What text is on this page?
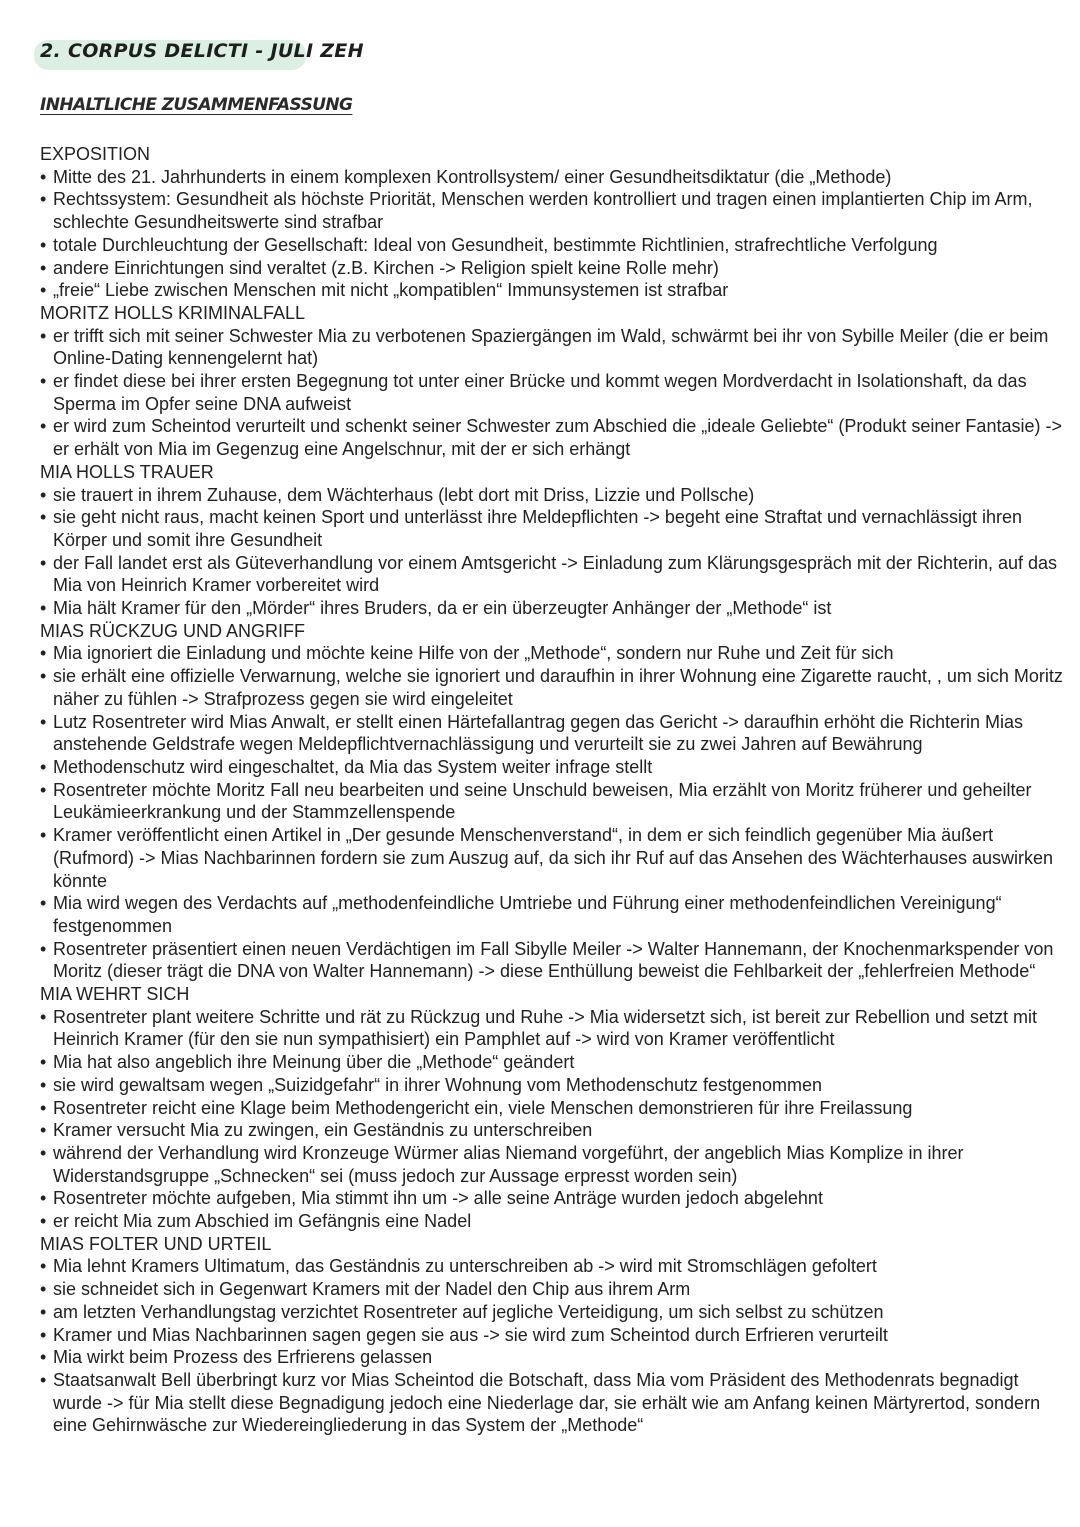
2. CORPUS DELICTI - JULI ZEH
INHALTLICHE ZUSAMMENFASSUNG
EXPOSITION
• Mitte des 21. Jahrhunderts in einem komplexen Kontrollsystem/ einer Gesundheitsdiktatur (die „Methode)
• Rechtssystem: Gesundheit als höchste Priorität, Menschen werden kontrolliert und tragen einen implantierten Chip im Arm, schlechte Gesundheitswerte sind strafbar
• totale Durchleuchtung der Gesellschaft: Ideal von Gesundheit, bestimmte Richtlinien, strafrechtliche Verfolgung
• andere Einrichtungen sind veraltet (z.B. Kirchen -> Religion spielt keine Rolle mehr)
• „freie“ Liebe zwischen Menschen mit nicht „kompatiblen“ Immunsystemen ist strafbar
MORITZ HOLLS KRIMINALFALL
• er trifft sich mit seiner Schwester Mia zu verbotenen Spaziergängen im Wald, schwärmt bei ihr von Sybille Meiler (die er beim Online-Dating kennengelernt hat)
• er findet diese bei ihrer ersten Begegnung tot unter einer Brücke und kommt wegen Mordverdacht in Isolationshaft, da das Sperma im Opfer seine DNA aufweist
• er wird zum Scheintod verurteilt und schenkt seiner Schwester zum Abschied die „ideale Geliebte“ (Produkt seiner Fantasie) -> er erhält von Mia im Gegenzug eine Angelschnur, mit der er sich erhängt
MIA HOLLS TRAUER
• sie trauert in ihrem Zuhause, dem Wächterhaus (lebt dort mit Driss, Lizzie und Pollsche)
• sie geht nicht raus, macht keinen Sport und unterlässt ihre Meldepflichten -> begeht eine Straftat und vernachlässigt ihren Körper und somit ihre Gesundheit
• der Fall landet erst als Güteverhandlung vor einem Amtsgericht -> Einladung zum Klärungsgespräch mit der Richterin, auf das Mia von Heinrich Kramer vorbereitet wird
• Mia hält Kramer für den „Mörder“ ihres Bruders, da er ein überzeugter Anhänger der „Methode“ ist
MIAS RÜCKZUG UND ANGRIFF
• Mia ignoriert die Einladung und möchte keine Hilfe von der „Methode“, sondern nur Ruhe und Zeit für sich
• sie erhält eine offizielle Verwarnung, welche sie ignoriert und daraufhin in ihrer Wohnung eine Zigarette raucht, , um sich Moritz näher zu fühlen -> Strafprozess gegen sie wird eingeleitet
• Lutz Rosentreter wird Mias Anwalt, er stellt einen Härtefallantrag gegen das Gericht -> daraufhin erhöht die Richterin Mias anstehende Geldstrafe wegen Meldepflichtvernachlässigung und verurteilt sie zu zwei Jahren auf Bewährung
• Methodenschutz wird eingeschaltet, da Mia das System weiter infrage stellt
• Rosentreter möchte Moritz Fall neu bearbeiten und seine Unschuld beweisen, Mia erzählt von Moritz früherer und geheilter Leukämieerkrankung und der Stammzellenspende
• Kramer veröffentlicht einen Artikel in „Der gesunde Menschenverstand“, in dem er sich feindlich gegenüber Mia äußert (Rufmord) -> Mias Nachbarinnen fordern sie zum Auszug auf, da sich ihr Ruf auf das Ansehen des Wächterhauses auswirken könnte
• Mia wird wegen des Verdachts auf „methodenfeindliche Umtriebe und Führung einer methodenfeindlichen Vereinigung“ festgenommen
• Rosentreter präsentiert einen neuen Verdächtigen im Fall Sibylle Meiler -> Walter Hannemann, der Knochenmarkspender von Moritz (dieser trägt die DNA von Walter Hannemann) -> diese Enthüllung beweist die Fehlbarkeit der „fehlerfreien Methode“
MIA WEHRT SICH
• Rosentreter plant weitere Schritte und rät zu Rückzug und Ruhe -> Mia widersetzt sich, ist bereit zur Rebellion und setzt mit Heinrich Kramer (für den sie nun sympathisiert) ein Pamphlet auf -> wird von Kramer veröffentlicht
• Mia hat also angeblich ihre Meinung über die „Methode“ geändert
• sie wird gewaltsam wegen „Suizidgefahr“ in ihrer Wohnung vom Methodenschutz festgenommen
• Rosentreter reicht eine Klage beim Methodengericht ein, viele Menschen demonstrieren für ihre Freilassung
• Kramer versucht Mia zu zwingen, ein Geständnis zu unterschreiben
• während der Verhandlung wird Kronzeuge Würmer alias Niemand vorgeführt, der angeblich Mias Komplize in ihrer Widerstandsgruppe „Schnecken“ sei (muss jedoch zur Aussage erpresst worden sein)
• Rosentreter möchte aufgeben, Mia stimmt ihn um -> alle seine Anträge wurden jedoch abgelehnt
• er reicht Mia zum Abschied im Gefängnis eine Nadel
MIAS FOLTER UND URTEIL
• Mia lehnt Kramers Ultimatum, das Geständnis zu unterschreiben ab -> wird mit Stromschlägen gefoltert
• sie schneidet sich in Gegenwart Kramers mit der Nadel den Chip aus ihrem Arm
• am letzten Verhandlungstag verzichtet Rosentreter auf jegliche Verteidigung, um sich selbst zu schützen
• Kramer und Mias Nachbarinnen sagen gegen sie aus -> sie wird zum Scheintod durch Erfrieren verurteilt
• Mia wirkt beim Prozess des Erfrierens gelassen
• Staatsanwalt Bell überbringt kurz vor Mias Scheintod die Botschaft, dass Mia vom Präsident des Methodenrats begnadigt wurde -> für Mia stellt diese Begnadigung jedoch eine Niederlage dar, sie erhält wie am Anfang keinen Märtyrertod, sondern eine Gehirnwäsche zur Wiedereingliederung in das System der „Methode“
